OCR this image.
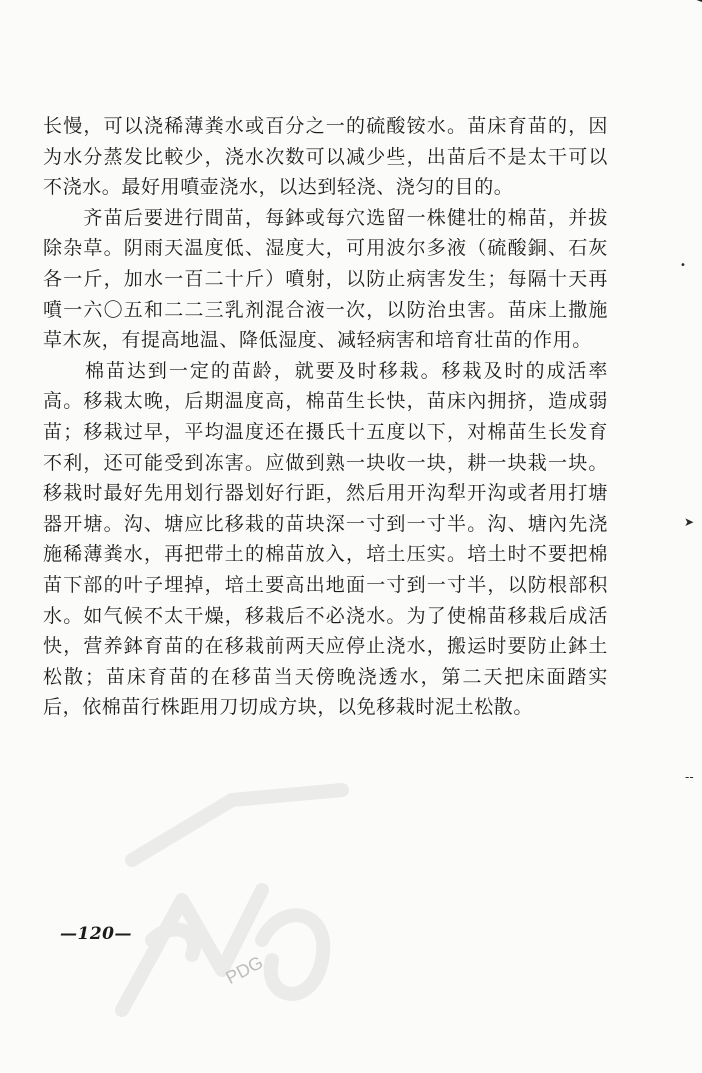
长慢，可以浇稀薄粪水或百分之一的硫酸铵水。苗床育苗的，因为水分蒸发比較少，浇水次数可以减少些，出苗后不是太干可以不浇水。最好用噴壶浇水，以达到轻浇、浇匀的目的。

　　齐苗后要进行間苗，每鉢或每穴选留一株健壮的棉苗，并拔除杂草。阴雨天温度低、湿度大，可用波尔多液（硫酸銅、石灰各一斤，加水一百二十斤）噴射，以防止病害发生；每隔十天再噴一六〇五和二二三乳剂混合液一次，以防治虫害。苗床上撒施草木灰，有提高地温、降低湿度、减轻病害和培育壮苗的作用。

　　棉苗达到一定的苗龄，就要及时移栽。移栽及时的成活率高。移栽太晚，后期温度高，棉苗生长快，苗床內拥挤，造成弱苗；移栽过早，平均温度还在摄氏十五度以下，对棉苗生长发育不利，还可能受到冻害。应做到熟一块收一块，耕一块栽一块。移栽时最好先用划行器划好行距，然后用开沟犁开沟或者用打塘器开塘。沟、塘应比移栽的苗块深一寸到一寸半。沟、塘內先浇施稀薄粪水，再把带土的棉苗放入，培土压实。培土时不要把棉苗下部的叶子埋掉，培土要高出地面一寸到一寸半，以防根部积水。如气候不太干燥，移栽后不必浇水。为了使棉苗移栽后成活快，营养鉢育苗的在移栽前两天应停止浇水，搬运时要防止鉢土松散；苗床育苗的在移苗当天傍晚浇透水，第二天把床面踏实后，依棉苗行株距用刀切成方块，以免移栽时泥土松散。

PDG
—120—
•
➤
--
